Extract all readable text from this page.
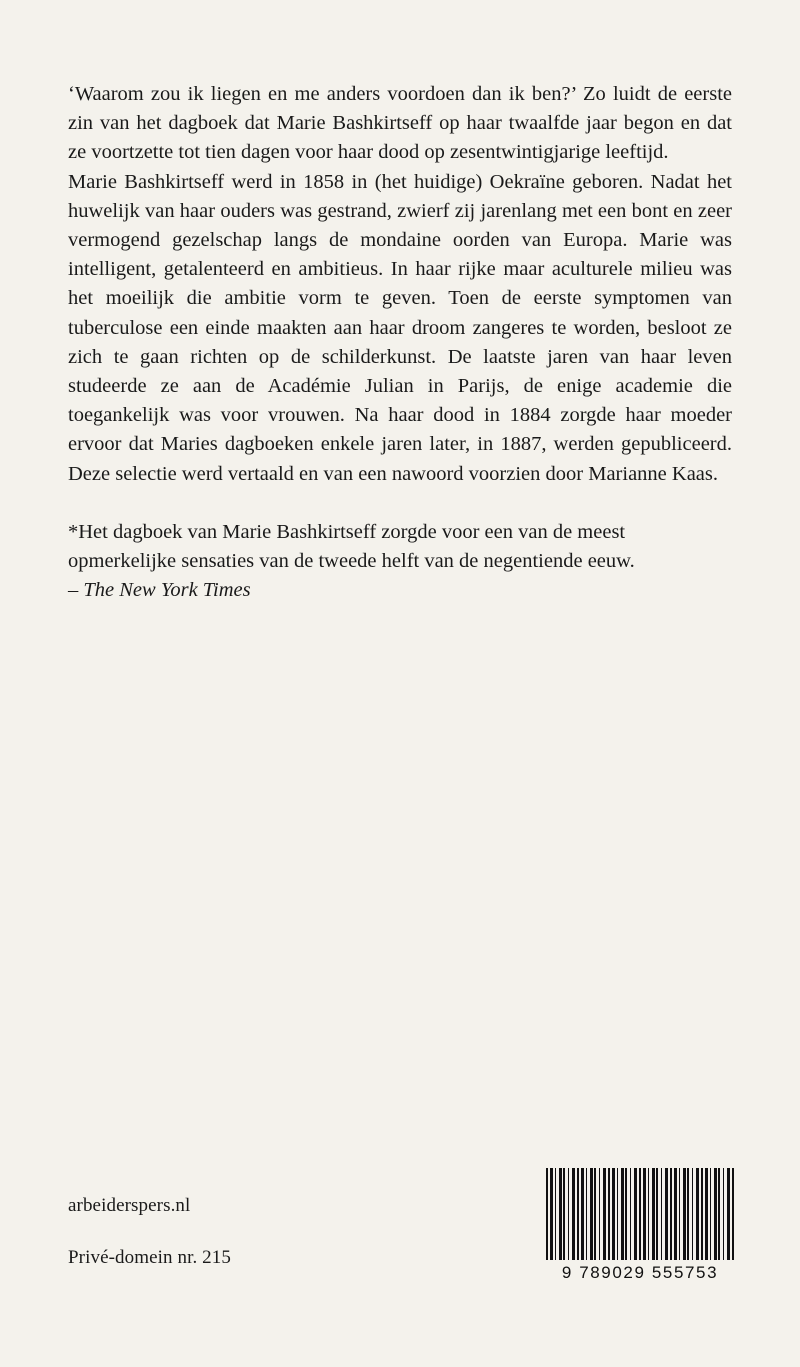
‘Waarom zou ik liegen en me anders voordoen dan ik ben?’ Zo luidt de eerste zin van het dagboek dat Marie Bashkirtseff op haar twaalfde jaar begon en dat ze voortzette tot tien dagen voor haar dood op zesentwintigjarige leeftijd.

Marie Bashkirtseff werd in 1858 in (het huidige) Oekraïne geboren. Nadat het huwelijk van haar ouders was gestrand, zwierf zij jarenlang met een bont en zeer vermogend gezelschap langs de mondaine oorden van Europa. Marie was intelligent, getalenteerd en ambitieus. In haar rijke maar aculturele milieu was het moeilijk die ambitie vorm te geven. Toen de eerste symptomen van tuberculose een einde maakten aan haar droom zangeres te worden, besloot ze zich te gaan richten op de schilderkunst. De laatste jaren van haar leven studeerde ze aan de Académie Julian in Parijs, de enige academie die toegankelijk was voor vrouwen. Na haar dood in 1884 zorgde haar moeder ervoor dat Maries dagboeken enkele jaren later, in 1887, werden gepubliceerd. Deze selectie werd vertaald en van een nawoord voorzien door Marianne Kaas.

*Het dagboek van Marie Bashkirtseff zorgde voor een van de meest opmerkelijke sensaties van de tweede helft van de negentiende eeuw.

– The New York Times

arbeiderspers.nl

Privé-domein nr. 215

9 789029 555753
